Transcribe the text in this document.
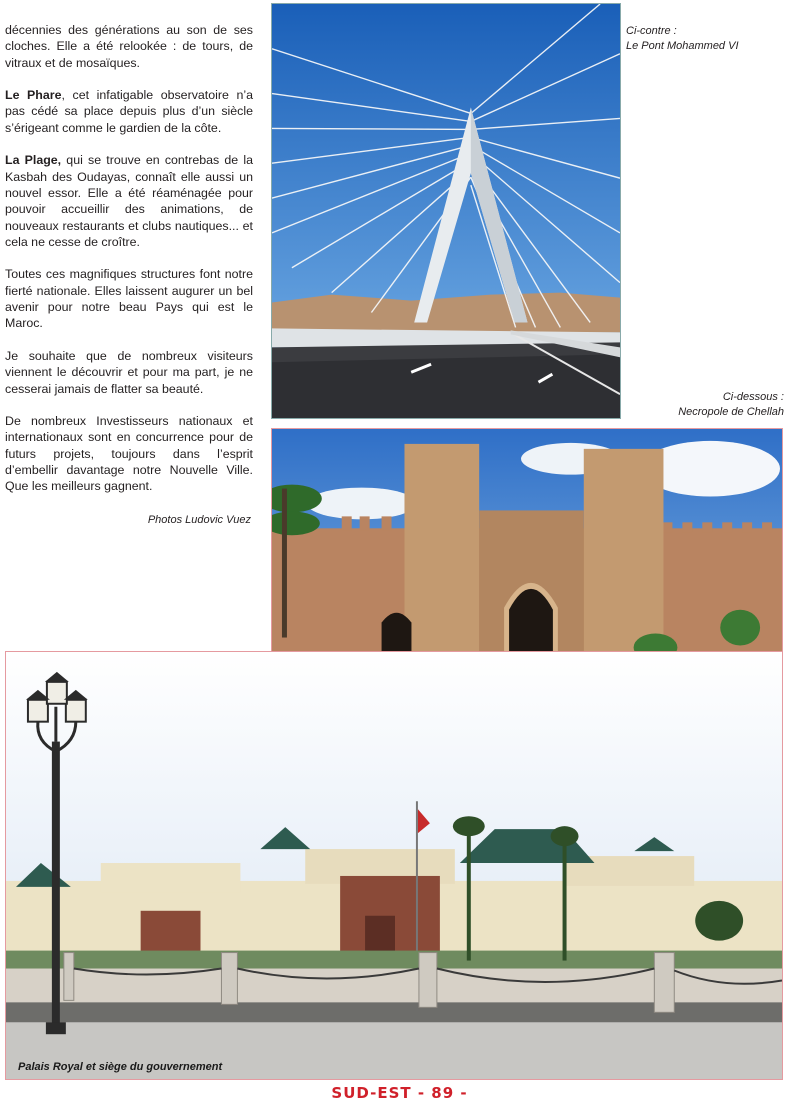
décennies des générations au son de ses cloches. Elle a été relookée : de tours, de vitraux et de mosaïques.

Le Phare, cet infatigable observatoire n’a pas cédé sa place depuis plus d’un siècle s’érigeant comme le gardien de la côte.

La Plage, qui se trouve en contrebas de la Kasbah des Oudayas, connaît elle aussi un nouvel essor. Elle a été réaménagée pour pouvoir accueillir des animations, de nouveaux restaurants et clubs nautiques... et cela ne cesse de croître.

Toutes ces magnifiques structures font notre fierté nationale. Elles laissent augurer un bel avenir pour notre beau Pays qui est le Maroc.

Je souhaite que de nombreux visiteurs viennent le découvrir et pour ma part, je ne cesserai jamais de flatter sa beauté.

De nombreux Investisseurs nationaux et internationaux sont en concurrence pour de futurs projets, toujours dans l’esprit d’embellir davantage notre Nouvelle Ville. Que les meilleurs gagnent.

Photos Ludovic Vuez
Ci-contre :
Le Pont Mohammed VI
Ci-dessous :
Necropole de Chellah
Palais Royal et siège du gouvernement
SUD-EST - 89 -
